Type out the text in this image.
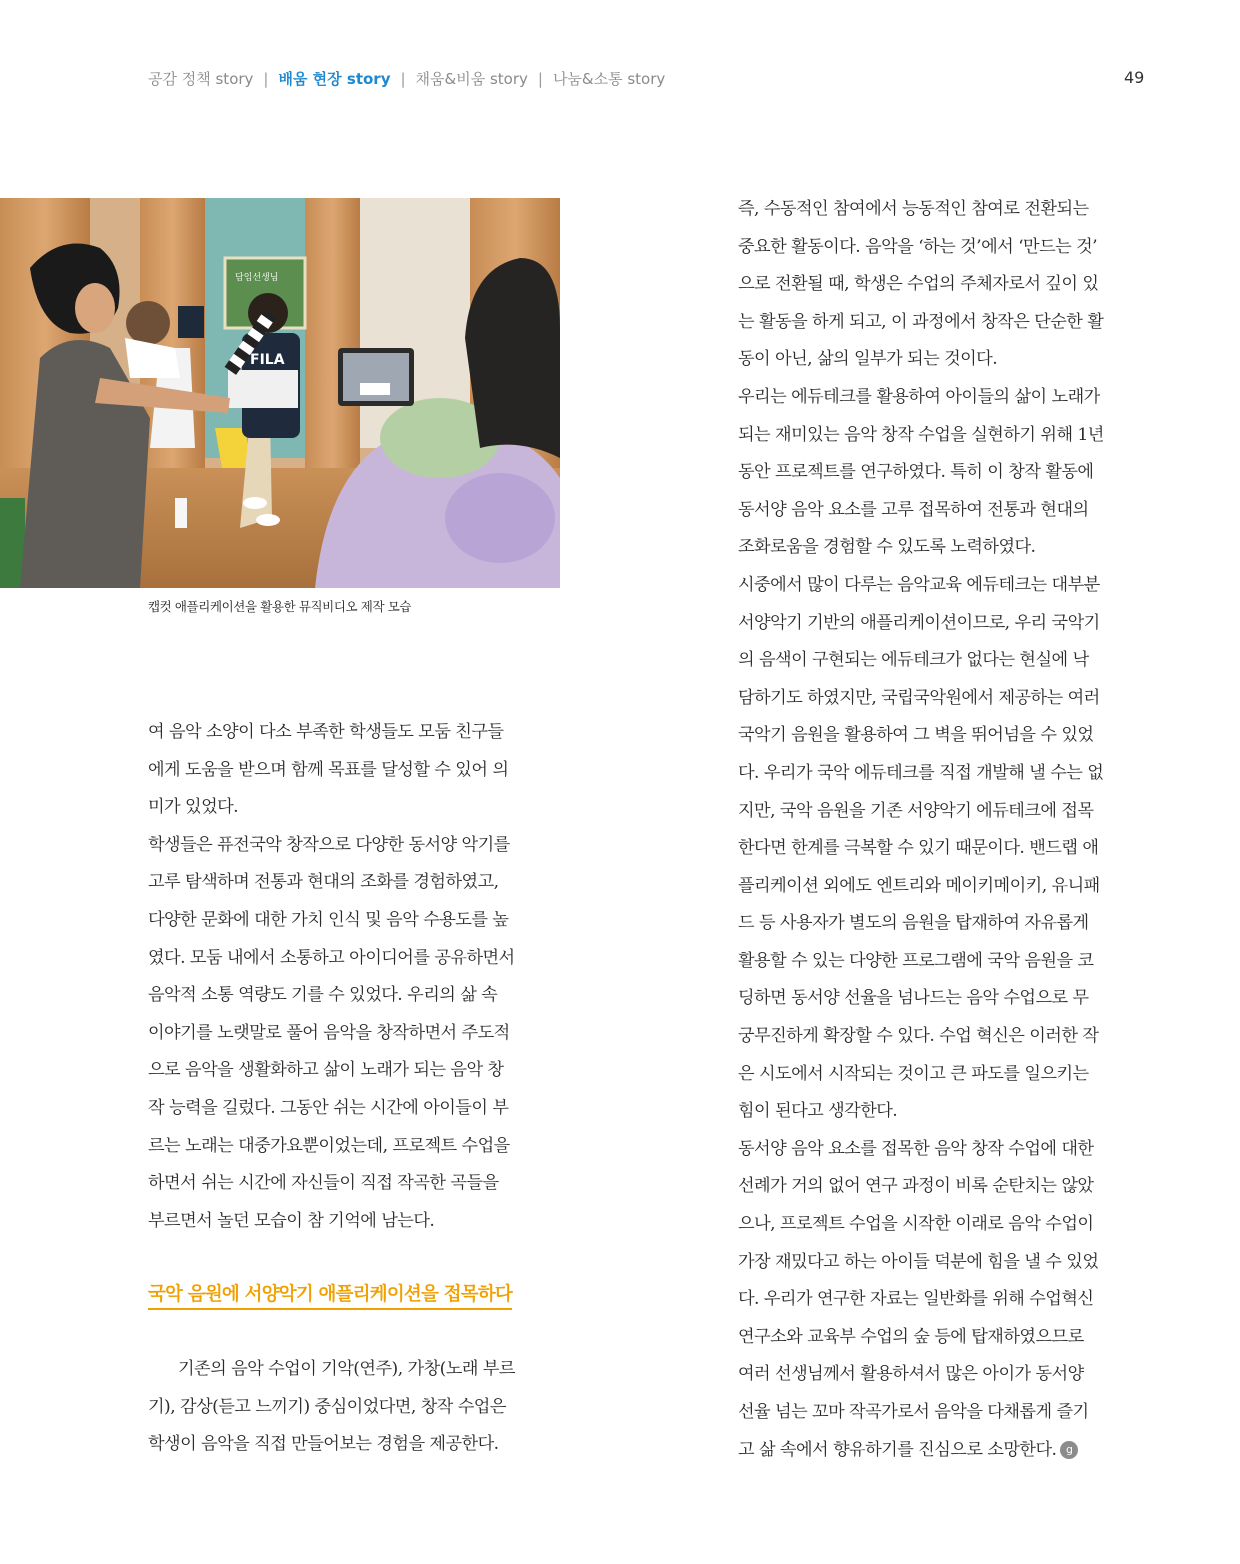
공감 정책 story | 배움 현장 story | 채움&비움 story | 나눔&소통 story	49
FILA
담임선생님
캡컷 애플리케이션을 활용한 뮤직비디오 제작 모습
여 음악 소양이 다소 부족한 학생들도 모둠 친구들
에게 도움을 받으며 함께 목표를 달성할 수 있어 의
미가 있었다.
학생들은 퓨전국악 창작으로 다양한 동서양 악기를
고루 탐색하며 전통과 현대의 조화를 경험하였고,
다양한 문화에 대한 가치 인식 및 음악 수용도를 높
였다. 모둠 내에서 소통하고 아이디어를 공유하면서
음악적 소통 역량도 기를 수 있었다. 우리의 삶 속
이야기를 노랫말로 풀어 음악을 창작하면서 주도적
으로 음악을 생활화하고 삶이 노래가 되는 음악 창
작 능력을 길렀다. 그동안 쉬는 시간에 아이들이 부
르는 노래는 대중가요뿐이었는데, 프로젝트 수업을
하면서 쉬는 시간에 자신들이 직접 작곡한 곡들을
부르면서 놀던 모습이 참 기억에 남는다.
국악 음원에 서양악기 애플리케이션을 접목하다
기존의 음악 수업이 기악(연주), 가창(노래 부르
기), 감상(듣고 느끼기) 중심이었다면, 창작 수업은
학생이 음악을 직접 만들어보는 경험을 제공한다.
즉, 수동적인 참여에서 능동적인 참여로 전환되는
중요한 활동이다. 음악을 ‘하는 것’에서 ‘만드는 것’
으로 전환될 때, 학생은 수업의 주체자로서 깊이 있
는 활동을 하게 되고, 이 과정에서 창작은 단순한 활
동이 아닌, 삶의 일부가 되는 것이다.
우리는 에듀테크를 활용하여 아이들의 삶이 노래가
되는 재미있는 음악 창작 수업을 실현하기 위해 1년
동안 프로젝트를 연구하였다. 특히 이 창작 활동에
동서양 음악 요소를 고루 접목하여 전통과 현대의
조화로움을 경험할 수 있도록 노력하였다.
시중에서 많이 다루는 음악교육 에듀테크는 대부분
서양악기 기반의 애플리케이션이므로, 우리 국악기
의 음색이 구현되는 에듀테크가 없다는 현실에 낙
담하기도 하였지만, 국립국악원에서 제공하는 여러
국악기 음원을 활용하여 그 벽을 뛰어넘을 수 있었
다. 우리가 국악 에듀테크를 직접 개발해 낼 수는 없
지만, 국악 음원을 기존 서양악기 에듀테크에 접목
한다면 한계를 극복할 수 있기 때문이다. 밴드랩 애
플리케이션 외에도 엔트리와 메이키메이키, 유니패
드 등 사용자가 별도의 음원을 탑재하여 자유롭게
활용할 수 있는 다양한 프로그램에 국악 음원을 코
딩하면 동서양 선율을 넘나드는 음악 수업으로 무
궁무진하게 확장할 수 있다. 수업 혁신은 이러한 작
은 시도에서 시작되는 것이고 큰 파도를 일으키는
힘이 된다고 생각한다.
동서양 음악 요소를 접목한 음악 창작 수업에 대한
선례가 거의 없어 연구 과정이 비록 순탄치는 않았
으나, 프로젝트 수업을 시작한 이래로 음악 수업이
가장 재밌다고 하는 아이들 덕분에 힘을 낼 수 있었
다. 우리가 연구한 자료는 일반화를 위해 수업혁신
연구소와 교육부 수업의 숲 등에 탑재하였으므로
여러 선생님께서 활용하셔서 많은 아이가 동서양
선율 넘는 꼬마 작곡가로서 음악을 다채롭게 즐기
고 삶 속에서 향유하기를 진심으로 소망한다. g
